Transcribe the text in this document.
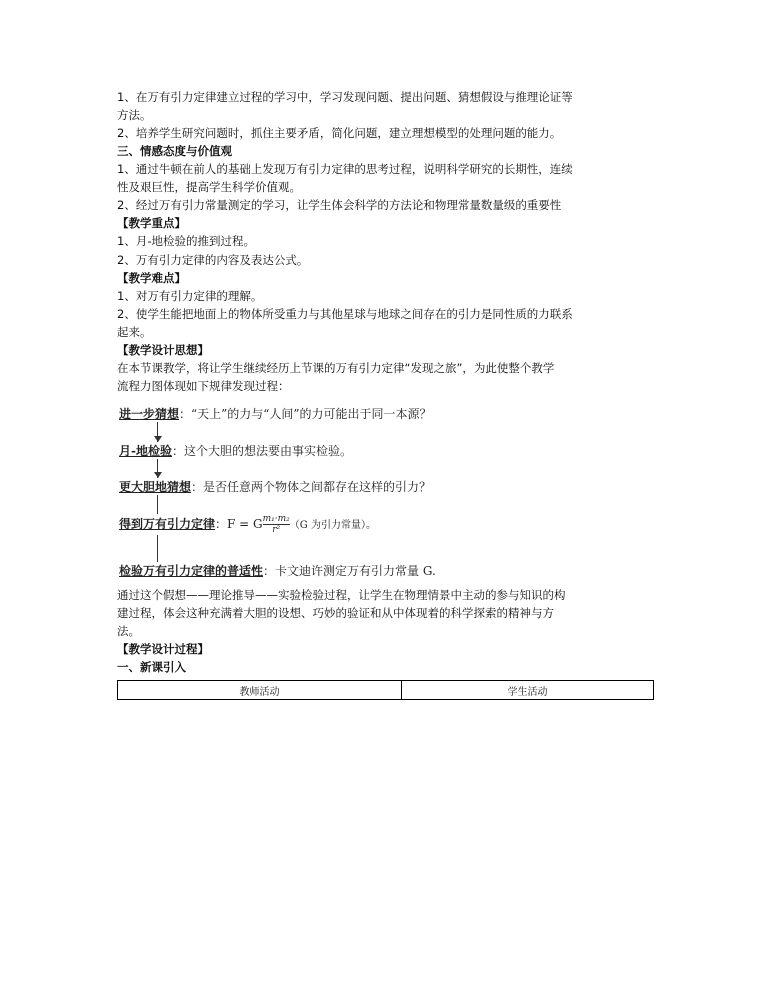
1、在万有引力定律建立过程的学习中，学习发现问题、提出问题、猜想假设与推理论证等
方法。
2、培养学生研究问题时，抓住主要矛盾，简化问题，建立理想模型的处理问题的能力。
三、情感态度与价值观
1、通过牛顿在前人的基础上发现万有引力定律的思考过程，说明科学研究的长期性，连续
性及艰巨性，提高学生科学价值观。
2、经过万有引力常量测定的学习，让学生体会科学的方法论和物理常量数量级的重要性
【教学重点】
1、月-地检验的推到过程。
2、万有引力定律的内容及表达公式。
【教学难点】
1、对万有引力定律的理解。
2、使学生能把地面上的物体所受重力与其他星球与地球之间存在的引力是同性质的力联系
起来。
【教学设计思想】
在本节课教学，将让学生继续经历上节课的万有引力定律“发现之旅”，为此使整个教学
流程力图体现如下规律发现过程：
进一步猜想：“天上”的力与“人间”的力可能出于同一本源？
月-地检验：这个大胆的想法要由事实检验。
更大胆地猜想：是否任意两个物体之间都存在这样的引力？
得到万有引力定律：F = G $\frac{\text{m₁·m₂}}{\text{r²}} (G$ 为引力常量）。
检验万有引力定律的普适性：卡文迪许测定万有引力常量 G.
通过这个假想——理论推导——实验检验过程，让学生在物理情景中主动的参与知识的构
建过程，体会这种充满着大胆的设想、巧妙的验证和从中体现着的科学探索的精神与方
法。
【教学设计过程】
一、新课引入
教师活动	学生活动
